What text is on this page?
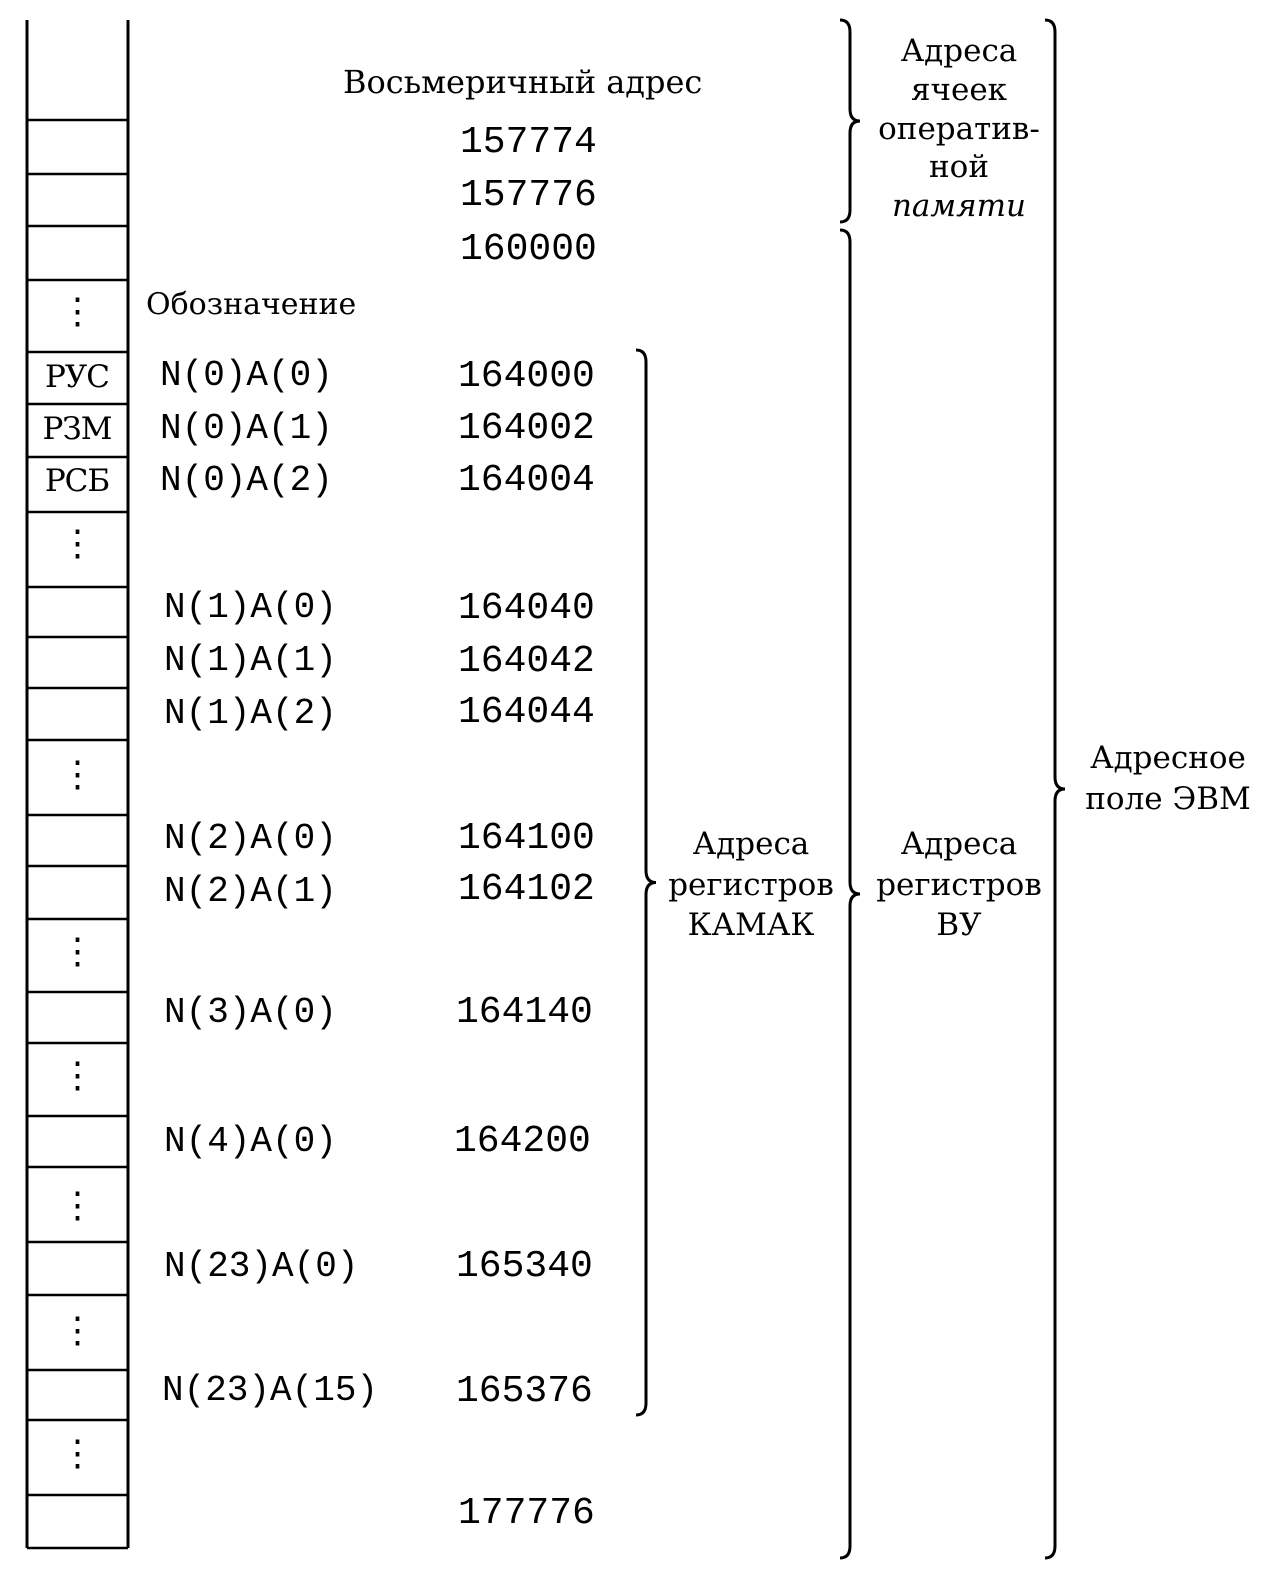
Восьмеричный адрес
Обозначение
157774
157776
160000
РУС
РЗМ
РСБ
⋮
⋮
⋮
⋮
⋮
⋮
⋮
⋮
N(0)A(0)
N(0)A(1)
N(0)A(2)
N(1)A(0)
N(1)A(1)
N(1)A(2)
N(2)A(0)
N(2)A(1)
N(3)A(0)
N(4)A(0)
N(23)A(0)
N(23)A(15)
164000
164002
164004
164040
164042
164044
164100
164102
164140
164200
165340
165376
177776
Адреса
ячеек
оператив-
ной
памяти
Адреса
регистров
КАМАК
Адреса
регистров
ВУ
Адресное
поле ЭВМ
